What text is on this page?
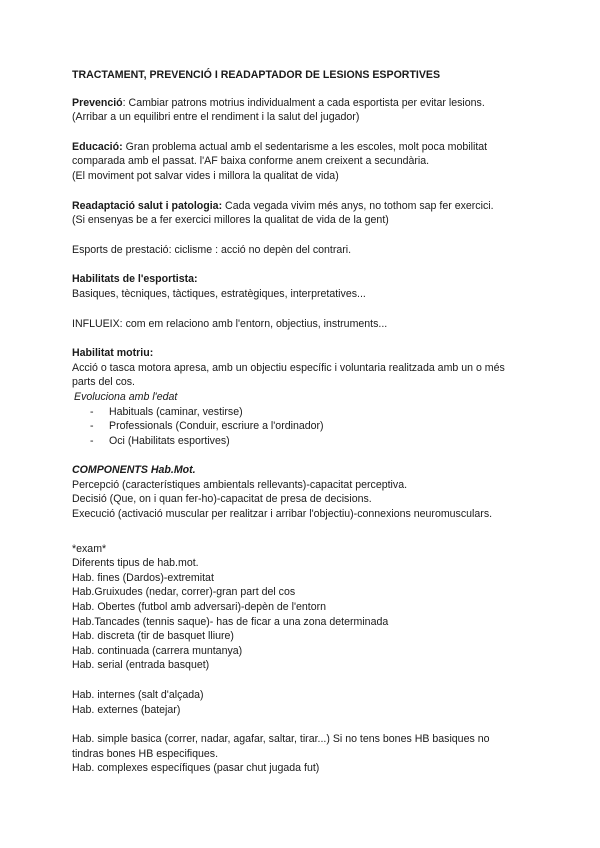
TRACTAMENT, PREVENCIÓ I READAPTADOR DE LESIONS ESPORTIVES
Prevenció: Cambiar patrons motrius individualment a cada esportista per evitar lesions.
(Arribar a un equilibri entre el rendiment i la salut del jugador)
Educació: Gran problema actual amb el sedentarisme a les escoles, molt poca mobilitat
comparada amb el passat. l'AF baixa conforme anem creixent a secundària.
(El moviment pot salvar vides i millora la qualitat de vida)
Readaptació salut i patologia: Cada vegada vivim més anys, no tothom sap fer exercici.
(Si ensenyas be a fer exercici millores la qualitat de vida de la gent)
Esports de prestació: ciclisme : acció no depèn del contrari.
Habilitats de l'esportista:
Basiques, tècniques, tàctiques, estratègiques, interpretatives...
INFLUEIX: com em relaciono amb l'entorn, objectius, instruments...
Habilitat motriu:
Acció o tasca motora apresa, amb un objectiu específic i voluntaria realitzada amb un o més
parts del cos.
Evoluciona amb l'edat
- Habituals (caminar, vestirse)
- Professionals (Conduir, escriure a l'ordinador)
- Oci (Habilitats esportives)
COMPONENTS Hab.Mot.
Percepció (característiques ambientals rellevants)-capacitat perceptiva.
Decisió (Que, on i quan fer-ho)-capacitat de presa de decisions.
Execució (activació muscular per realitzar i arribar l'objectiu)-connexions neuromusculars.
*exam*
Diferents tipus de hab.mot.
Hab. fines (Dardos)-extremitat
Hab.Gruixudes (nedar, correr)-gran part del cos
Hab. Obertes (futbol amb adversari)-depèn de l'entorn
Hab.Tancades (tennis saque)- has de ficar a una zona determinada
Hab. discreta (tir de basquet lliure)
Hab. continuada (carrera muntanya)
Hab. serial (entrada basquet)
Hab. internes (salt d'alçada)
Hab. externes (batejar)
Hab. simple basica (correr, nadar, agafar, saltar, tirar...) Si no tens bones HB basiques no
tindras bones HB especifiques.
Hab. complexes específiques (pasar chut jugada fut)
